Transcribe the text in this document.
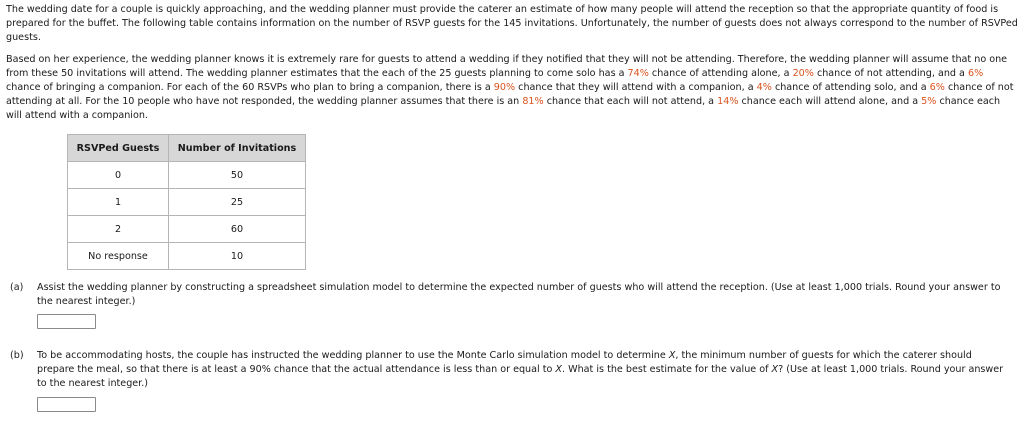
The wedding date for a couple is quickly approaching, and the wedding planner must provide the caterer an estimate of how many people will attend the reception so that the appropriate quantity of food is prepared for the buffet. The following table contains information on the number of RSVP guests for the 145 invitations. Unfortunately, the number of guests does not always correspond to the number of RSVPed guests.

Based on her experience, the wedding planner knows it is extremely rare for guests to attend a wedding if they notified that they will not be attending. Therefore, the wedding planner will assume that no one from these 50 invitations will attend. The wedding planner estimates that the each of the 25 guests planning to come solo has a 74% chance of attending alone, a 20% chance of not attending, and a 6% chance of bringing a companion. For each of the 60 RSVPs who plan to bring a companion, there is a 90% chance that they will attend with a companion, a 4% chance of attending solo, and a 6% chance of not attending at all. For the 10 people who have not responded, the wedding planner assumes that there is an 81% chance that each will not attend, a 14% chance each will attend alone, and a 5% chance each will attend with a companion.

RSVPed Guests	Number of Invitations
0	50
1	25
2	60
No response	10
(a) Assist the wedding planner by constructing a spreadsheet simulation model to determine the expected number of guests who will attend the reception. (Use at least 1,000 trials. Round your answer to the nearest integer.)
(b) To be accommodating hosts, the couple has instructed the wedding planner to use the Monte Carlo simulation model to determine X, the minimum number of guests for which the caterer should prepare the meal, so that there is at least a 90% chance that the actual attendance is less than or equal to X. What is the best estimate for the value of X? (Use at least 1,000 trials. Round your answer to the nearest integer.)
